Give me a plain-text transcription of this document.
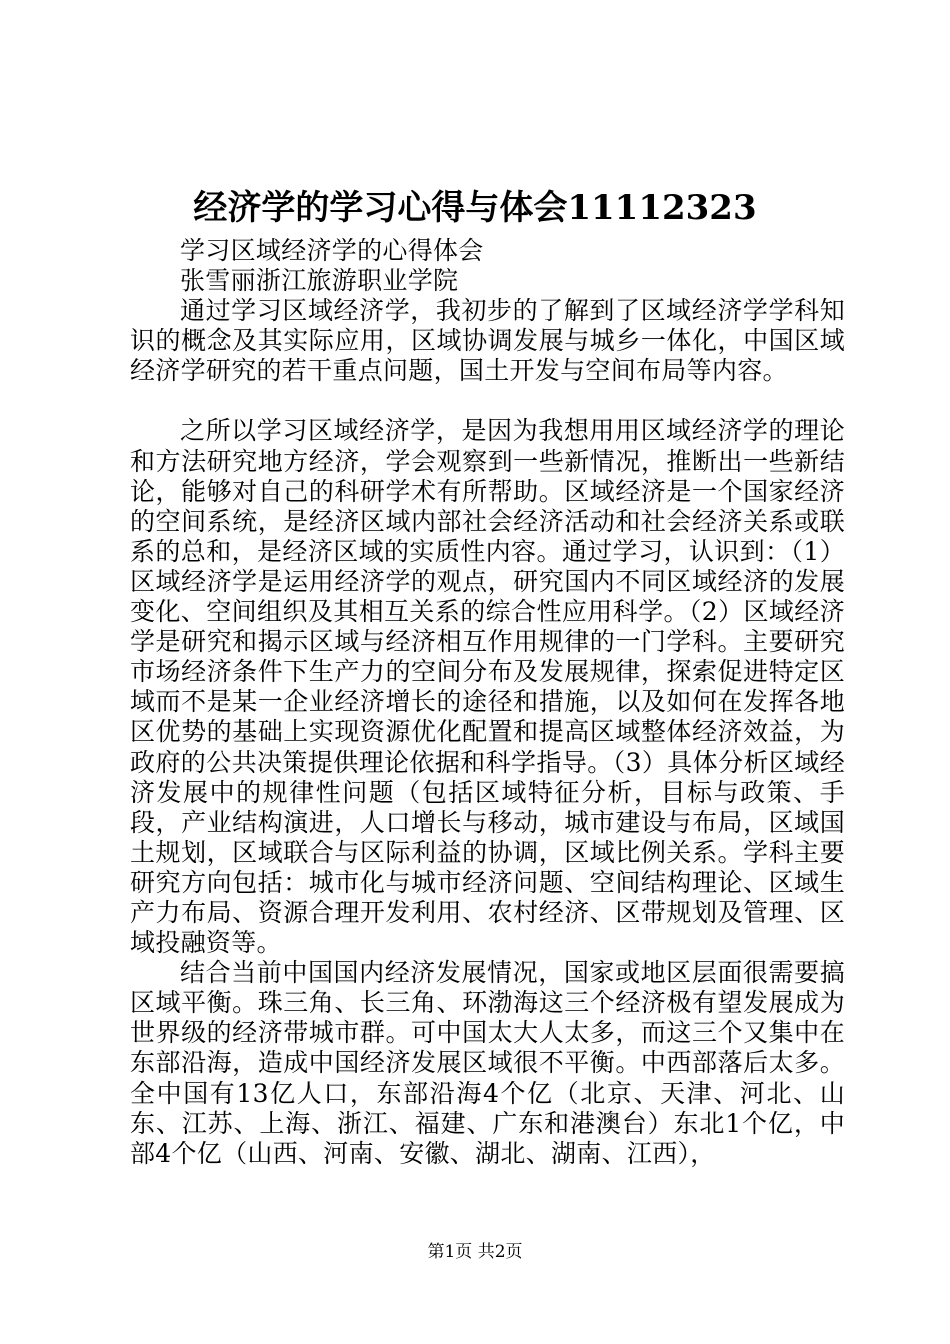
经济学的学习心得与体会11112323

学习区域经济学的心得体会

张雪丽浙江旅游职业学院

通过学习区域经济学，我初步的了解到了区域经济学学科知识的概念及其实际应用，区域协调发展与城乡一体化，中国区域经济学研究的若干重点问题，国土开发与空间布局等内容。

之所以学习区域经济学，是因为我想用用区域经济学的理论和方法研究地方经济，学会观察到一些新情况，推断出一些新结论，能够对自己的科研学术有所帮助。区域经济是一个国家经济的空间系统，是经济区域内部社会经济活动和社会经济关系或联系的总和，是经济区域的实质性内容。通过学习，认识到：（1）区域经济学是运用经济学的观点，研究国内不同区域经济的发展变化、空间组织及其相互关系的综合性应用科学。（2）区域经济学是研究和揭示区域与经济相互作用规律的一门学科。主要研究市场经济条件下生产力的空间分布及发展规律，探索促进特定区域而不是某一企业经济增长的途径和措施，以及如何在发挥各地区优势的基础上实现资源优化配置和提高区域整体经济效益，为政府的公共决策提供理论依据和科学指导。（3）具体分析区域经济发展中的规律性问题（包括区域特征分析，目标与政策、手段，产业结构演进，人口增长与移动，城市建设与布局，区域国土规划，区域联合与区际利益的协调，区域比例关系。学科主要研究方向包括：城市化与城市经济问题、空间结构理论、区域生产力布局、资源合理开发利用、农村经济、区带规划及管理、区域投融资等。

结合当前中国国内经济发展情况，国家或地区层面很需要搞区域平衡。珠三角、长三角、环渤海这三个经济极有望发展成为世界级的经济带城市群。可中国太大人太多，而这三个又集中在东部沿海，造成中国经济发展区域很不平衡。中西部落后太多。全中国有13亿人口，东部沿海4个亿（北京、天津、河北、山东、江苏、上海、浙江、福建、广东和港澳台）东北1个亿，中部4个亿（山西、河南、安徽、湖北、湖南、江西），

第1页 共2页
